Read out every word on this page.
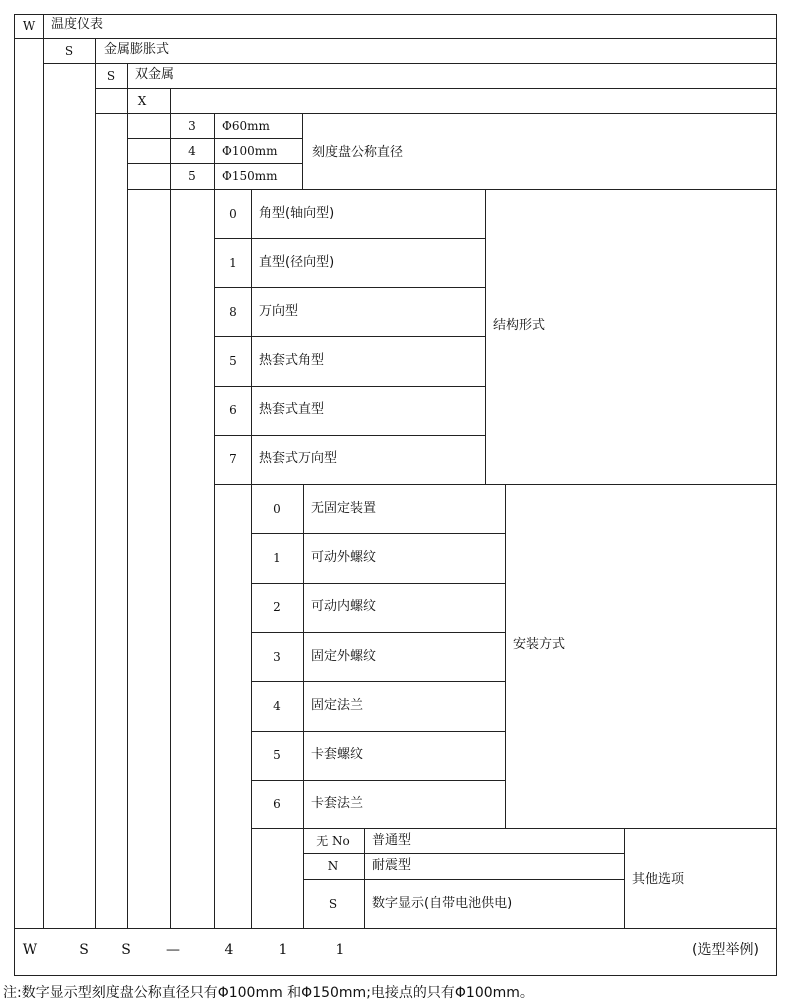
W 温度仪表
S 金属膨胀式
S 双金属
X
3 Φ60mm
4 Φ100mm
5 Φ150mm
刻度盘公称直径
0 角型(轴向型)
1 直型(径向型)
8 万向型
5 热套式角型
6 热套式直型
7 热套式万向型
结构形式
0 无固定装置
1 可动外螺纹
2 可动内螺纹
3 固定外螺纹
4 固定法兰
5 卡套螺纹
6 卡套法兰
安装方式
无 No 普通型
N	耐震型
S	数字显示(自带电池供电)
其他选项
W	S S	—	4	1	1	(选型举例)
注:数字显示型刻度盘公称直径只有Φ100mm 和Φ150mm;电接点的只有Φ100mm。
